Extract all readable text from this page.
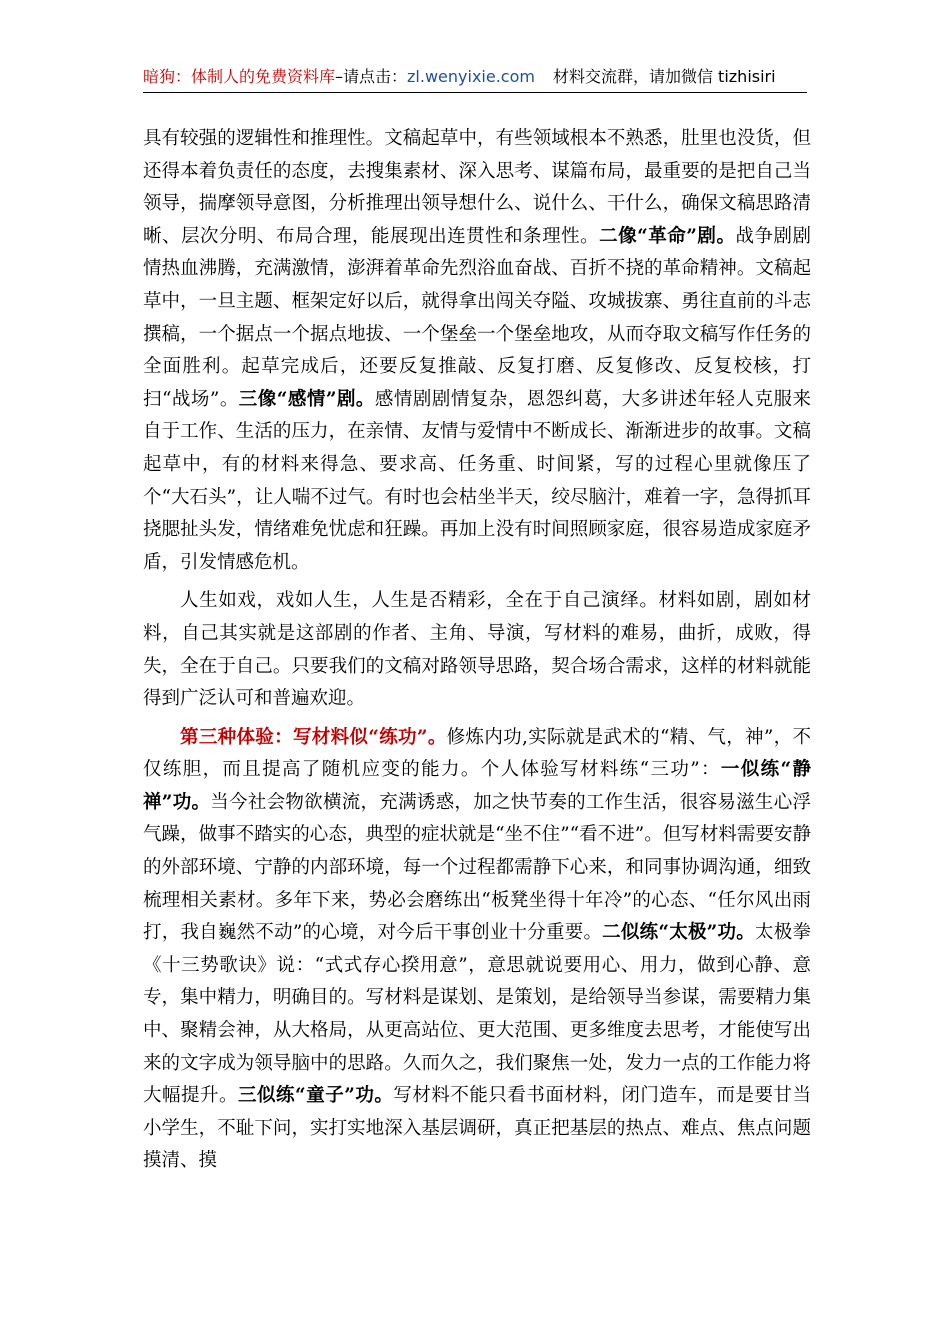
暗狗：体制人的免费资料库–请点击：zl.wenyixie.com 材料交流群，请加微信 tizhisiri

具有较强的逻辑性和推理性。文稿起草中，有些领域根本不熟悉，肚里也没货，但还得本着负责任的态度，去搜集素材、深入思考、谋篇布局，最重要的是把自己当领导，揣摩领导意图，分析推理出领导想什么、说什么、干什么，确保文稿思路清晰、层次分明、布局合理，能展现出连贯性和条理性。二像“革命”剧。战争剧剧情热血沸腾，充满激情，澎湃着革命先烈浴血奋战、百折不挠的革命精神。文稿起草中，一旦主题、框架定好以后，就得拿出闯关夺隘、攻城拔寨、勇往直前的斗志撰稿，一个据点一个据点地拔、一个堡垒一个堡垒地攻，从而夺取文稿写作任务的全面胜利。起草完成后，还要反复推敲、反复打磨、反复修改、反复校核，打扫“战场”。三像“感情”剧。感情剧剧情复杂，恩怨纠葛，大多讲述年轻人克服来自于工作、生活的压力，在亲情、友情与爱情中不断成长、渐渐进步的故事。文稿起草中，有的材料来得急、要求高、任务重、时间紧，写的过程心里就像压了个“大石头”，让人喘不过气。有时也会枯坐半天，绞尽脑汁，难着一字，急得抓耳挠腮扯头发，情绪难免忧虑和狂躁。再加上没有时间照顾家庭，很容易造成家庭矛盾，引发情感危机。

人生如戏，戏如人生，人生是否精彩，全在于自己演绎。材料如剧，剧如材料，自己其实就是这部剧的作者、主角、导演，写材料的难易，曲折，成败，得失，全在于自己。只要我们的文稿对路领导思路，契合场合需求，这样的材料就能得到广泛认可和普遍欢迎。

第三种体验：写材料似“练功”。修炼内功,实际就是武术的“精、气，神”，不仅练胆，而且提高了随机应变的能力。个人体验写材料练“三功”：一似练“静禅”功。当今社会物欲横流，充满诱惑，加之快节奏的工作生活，很容易滋生心浮气躁，做事不踏实的心态，典型的症状就是“坐不住”“看不进”。但写材料需要安静的外部环境、宁静的内部环境，每一个过程都需静下心来，和同事协调沟通，细致梳理相关素材。多年下来，势必会磨练出“板凳坐得十年冷”的心态、“任尔风出雨打，我自巍然不动”的心境，对今后干事创业十分重要。二似练“太极”功。太极拳《十三势歌诀》说：“式式存心揆用意”，意思就说要用心、用力，做到心静、意专，集中精力，明确目的。写材料是谋划、是策划，是给领导当参谋，需要精力集中、聚精会神，从大格局，从更高站位、更大范围、更多维度去思考，才能使写出来的文字成为领导脑中的思路。久而久之，我们聚焦一处，发力一点的工作能力将大幅提升。三似练“童子”功。写材料不能只看书面材料，闭门造车，而是要甘当小学生，不耻下问，实打实地深入基层调研，真正把基层的热点、难点、焦点问题摸清、摸
